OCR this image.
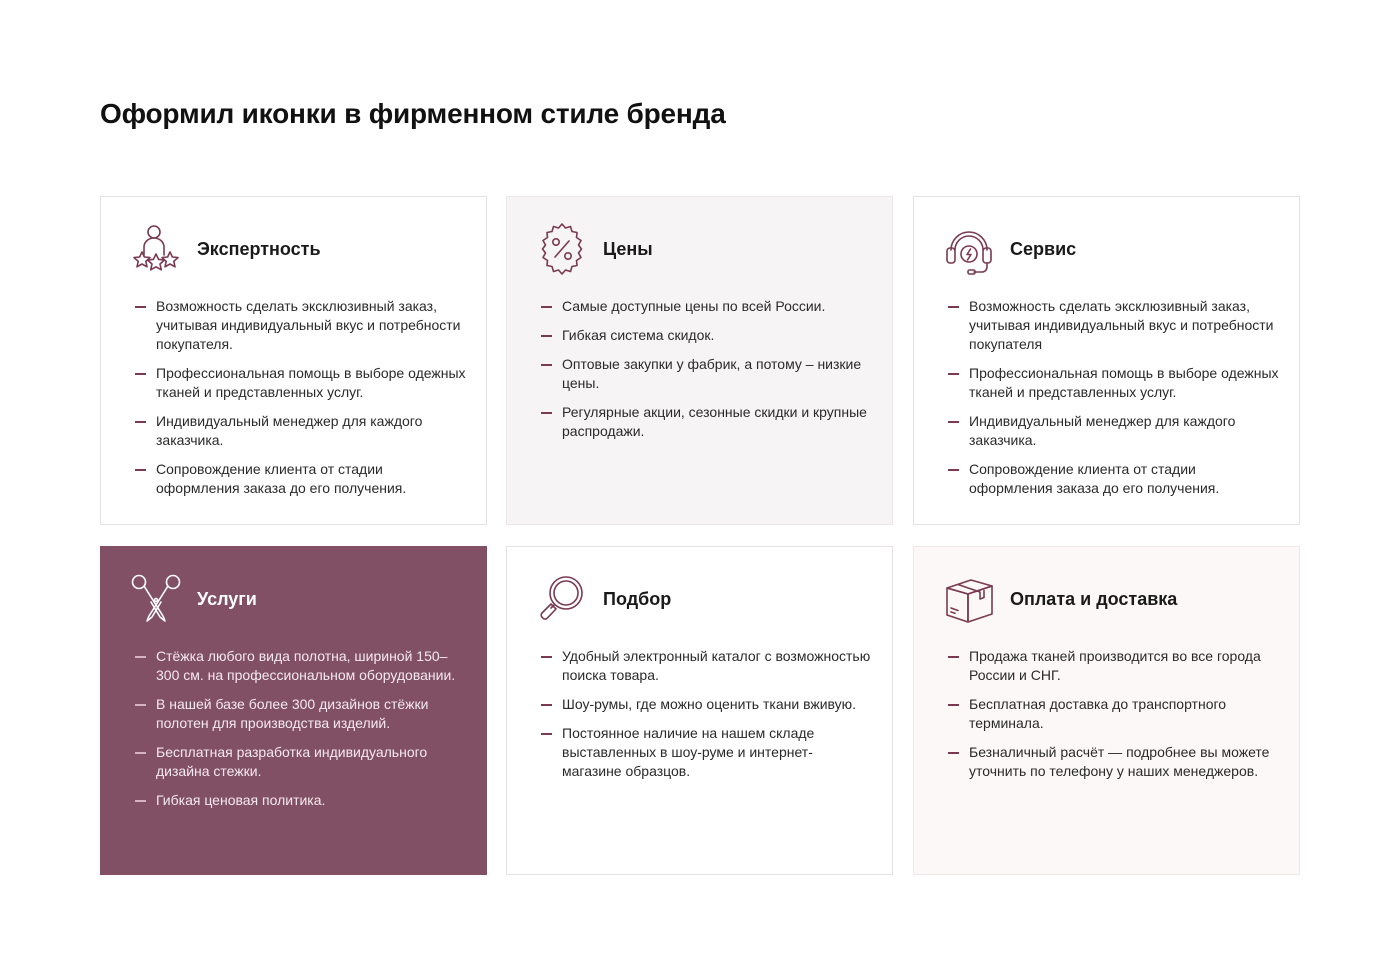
Оформил иконки в фирменном стиле бренда
Экспертность
Возможность сделать эксклюзивный заказ, учитывая индивидуальный вкус и потребности покупателя.
Профессиональная помощь в выборе одежных тканей и представленных услуг.
Индивидуальный менеджер для каждого заказчика.
Сопровождение клиента от стадии оформления заказа до его получения.
Цены
Самые доступные цены по всей России.
Гибкая система скидок.
Оптовые закупки у фабрик, а потому – низкие цены.
Регулярные акции, сезонные скидки и крупные распродажи.
Сервис
Возможность сделать эксклюзивный заказ, учитывая индивидуальный вкус и потребности покупателя
Профессиональная помощь в выборе одежных тканей и представленных услуг.
Индивидуальный менеджер для каждого заказчика.
Сопровождение клиента от стадии оформления заказа до его получения.
Услуги
Стёжка любого вида полотна, шириной 150–300 см. на профессиональном оборудовании.
В нашей базе более 300 дизайнов стёжки полотен для производства изделий.
Бесплатная разработка индивидуального дизайна стежки.
Гибкая ценовая политика.
Подбор
Удобный электронный каталог с возможностью поиска товара.
Шоу-румы, где можно оценить ткани вживую.
Постоянное наличие на нашем складе выставленных в шоу-руме и интернет-магазине образцов.
Оплата и доставка
Продажа тканей производится во все города России и СНГ.
Бесплатная доставка до транспортного терминала.
Безналичный расчёт — подробнее вы можете уточнить по телефону у наших менеджеров.
